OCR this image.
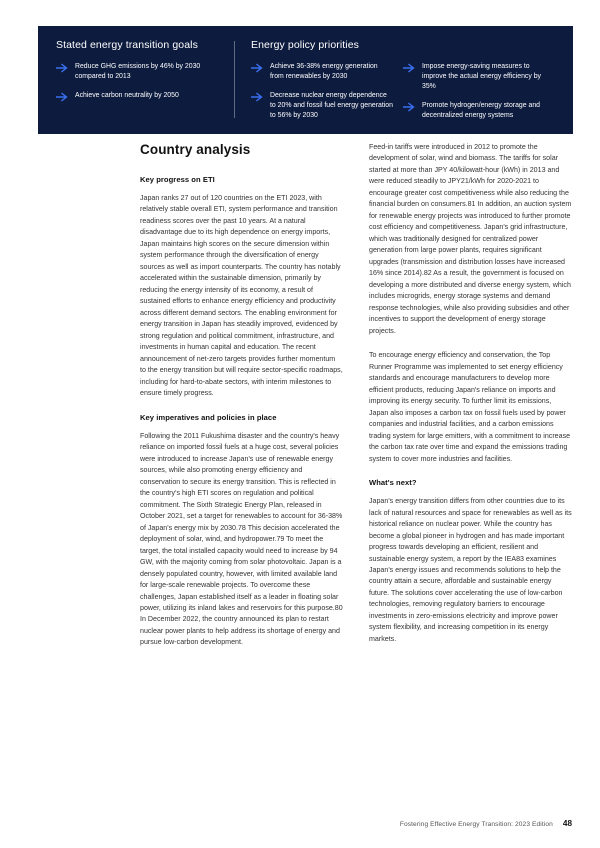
Stated energy transition goals
Reduce GHG emissions by 46% by 2030 compared to 2013
Achieve carbon neutrality by 2050
Energy policy priorities
Achieve 36-38% energy generation from renewables by 2030
Decrease nuclear energy dependence to 20% and fossil fuel energy generation to 56% by 2030

Impose energy-saving measures to improve the actual energy efficiency by 35%
Promote hydrogen/energy storage and decentralized energy systems
Country analysis
Key progress on ETI

Japan ranks 27 out of 120 countries on the ETI 2023, with relatively stable overall ETI, system performance and transition readiness scores over the past 10 years. At a natural disadvantage due to its high dependence on energy imports, Japan maintains high scores on the secure dimension within system performance through the diversification of energy sources as well as import counterparts. The country has notably accelerated within the sustainable dimension, primarily by reducing the energy intensity of its economy, a result of sustained efforts to enhance energy efficiency and productivity across different demand sectors. The enabling environment for energy transition in Japan has steadily improved, evidenced by strong regulation and political commitment, infrastructure, and investments in human capital and education. The recent announcement of net-zero targets provides further momentum to the energy transition but will require sector-specific roadmaps, including for hard-to-abate sectors, with interim milestones to ensure timely progress.

Key imperatives and policies in place

Following the 2011 Fukushima disaster and the country's heavy reliance on imported fossil fuels at a huge cost, several policies were introduced to increase Japan's use of renewable energy sources, while also promoting energy efficiency and conservation to secure its energy transition. This is reflected in the country's high ETI scores on regulation and political commitment. The Sixth Strategic Energy Plan, released in October 2021, set a target for renewables to account for 36-38% of Japan's energy mix by 2030.78 This decision accelerated the deployment of solar, wind, and hydropower.79 To meet the target, the total installed capacity would need to increase by 94 GW, with the majority coming from solar photovoltaic. Japan is a densely populated country, however, with limited available land for large-scale renewable projects. To overcome these challenges, Japan established itself as a leader in floating solar power, utilizing its inland lakes and reservoirs for this purpose.80 In December 2022, the country announced its plan to restart nuclear power plants to help address its shortage of energy and pursue low-carbon development.

Feed-in tariffs were introduced in 2012 to promote the development of solar, wind and biomass. The tariffs for solar started at more than JPY 40/kilowatt-hour (kWh) in 2013 and were reduced steadily to JPY21/kWh for 2020-2021 to encourage greater cost competitiveness while also reducing the financial burden on consumers.81 In addition, an auction system for renewable energy projects was introduced to further promote cost efficiency and competitiveness. Japan's grid infrastructure, which was traditionally designed for centralized power generation from large power plants, requires significant upgrades (transmission and distribution losses have increased 16% since 2014).82 As a result, the government is focused on developing a more distributed and diverse energy system, which includes microgrids, energy storage systems and demand response technologies, while also providing subsidies and other incentives to support the development of energy storage projects.

To encourage energy efficiency and conservation, the Top Runner Programme was implemented to set energy efficiency standards and encourage manufacturers to develop more efficient products, reducing Japan's reliance on imports and improving its energy security. To further limit its emissions, Japan also imposes a carbon tax on fossil fuels used by power companies and industrial facilities, and a carbon emissions trading system for large emitters, with a commitment to increase the carbon tax rate over time and expand the emissions trading system to cover more industries and facilities.

What's next?

Japan's energy transition differs from other countries due to its lack of natural resources and space for renewables as well as its historical reliance on nuclear power. While the country has become a global pioneer in hydrogen and has made important progress towards developing an efficient, resilient and sustainable energy system, a report by the IEA83 examines Japan's energy issues and recommends solutions to help the country attain a secure, affordable and sustainable energy future. The solutions cover accelerating the use of low-carbon technologies, removing regulatory barriers to encourage investments in zero-emissions electricity and improve power system flexibility, and increasing competition in its energy markets.

Fostering Effective Energy Transition: 2023 Edition 48
